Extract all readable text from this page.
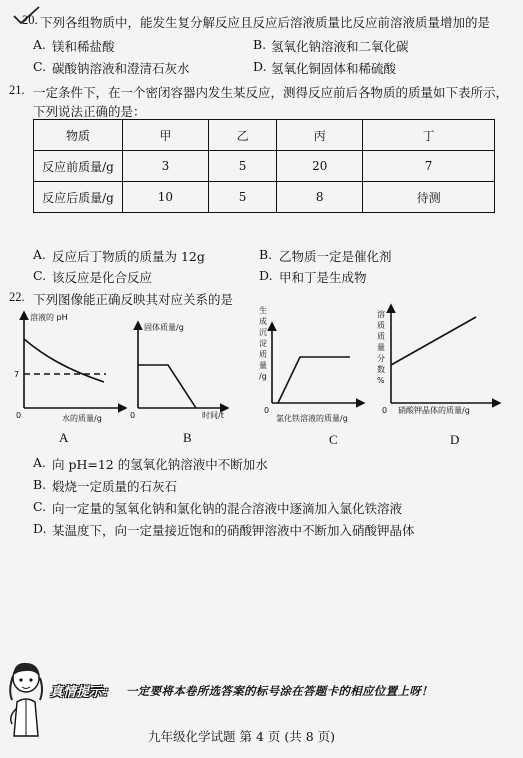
20. 下列各组物质中，能发生复分解反应且反应后溶液质量比反应前溶液质量增加的是
A. 镁和稀盐酸	B. 氢氧化钠溶液和二氧化碳
C. 碳酸钠溶液和澄清石灰水	D. 氢氧化铜固体和稀硫酸
21. 一定条件下，在一个密闭容器内发生某反应，测得反应前后各物质的质量如下表所示，
下列说法正确的是：
物质	甲	乙	丙	丁
反应前质量/g	3	5	20	7
反应后质量/g	10	5	8	待测
A. 反应后丁物质的质量为 12g	B. 乙物质一定是催化剂
C. 该反应是化合反应	D. 甲和丁是生成物
22. 下列图像能正确反映其对应关系的是
溶液的 pH
7
0	水的质量/g
A
固体质量/g
0	时间/t
B
生
成
沉
淀
质
量
/g
0
氯化铁溶液的质量/g
C
溶
质
质
量
分
数
%
0 硝酸钾晶体的质量/g
D
A. 向 pH=12 的氢氧化钠溶液中不断加水
B. 煅烧一定质量的石灰石
C. 向一定量的氢氧化钠和氯化钠的混合溶液中逐滴加入氯化铁溶液
D. 某温度下，向一定量接近饱和的硝酸钾溶液中不断加入硝酸钾晶体
真情提示： 一定要将本卷所选答案的标号涂在答题卡的相应位置上呀！
九年级化学试题 第 4 页 (共 8 页)
